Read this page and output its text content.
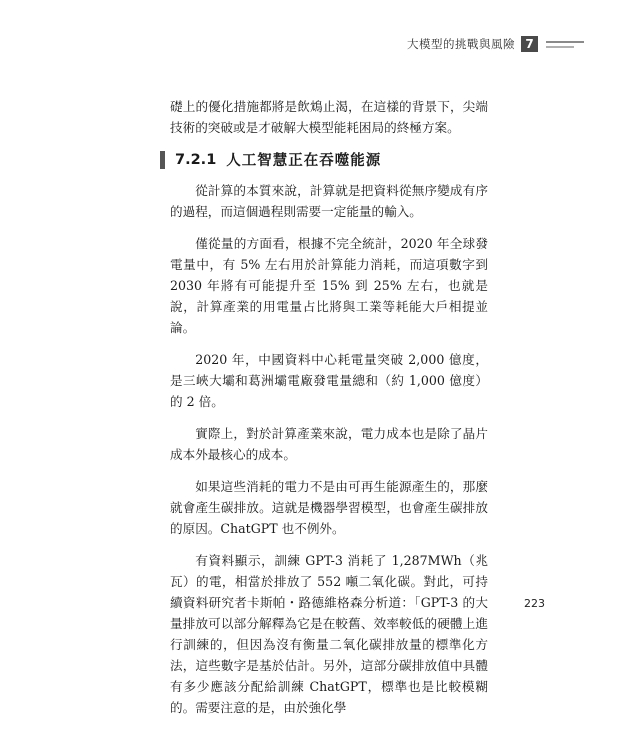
大模型的挑戰與風險 7

礎上的優化措施都將是飲鴆止渴，在這樣的背景下，尖端技術的突破或是才破解大模型能耗困局的終極方案。

7.2.1 人工智慧正在吞噬能源

從計算的本質來說，計算就是把資料從無序變成有序的過程，而這個過程則需要一定能量的輸入。

僅從量的方面看，根據不完全統計，2020 年全球發電量中，有 5% 左右用於計算能力消耗，而這項數字到 2030 年將有可能提升至 15% 到 25% 左右，也就是說，計算產業的用電量占比將與工業等耗能大戶相提並論。

2020 年，中國資料中心耗電量突破 2,000 億度，是三峽大壩和葛洲壩電廠發電量總和（約 1,000 億度）的 2 倍。

實際上，對於計算產業來說，電力成本也是除了晶片成本外最核心的成本。

如果這些消耗的電力不是由可再生能源產生的，那麼就會產生碳排放。這就是機器學習模型，也會產生碳排放的原因。ChatGPT 也不例外。

有資料顯示，訓練 GPT-3 消耗了 1,287MWh（兆瓦）的電，相當於排放了 552 噸二氧化碳。對此，可持續資料研究者卡斯帕・路德維格森分析道：「GPT-3 的大量排放可以部分解釋為它是在較舊、效率較低的硬體上進行訓練的，但因為沒有衡量二氧化碳排放量的標準化方法，這些數字是基於估計。另外，這部分碳排放值中具體有多少應該分配給訓練 ChatGPT，標準也是比較模糊的。需要注意的是，由於強化學

223
